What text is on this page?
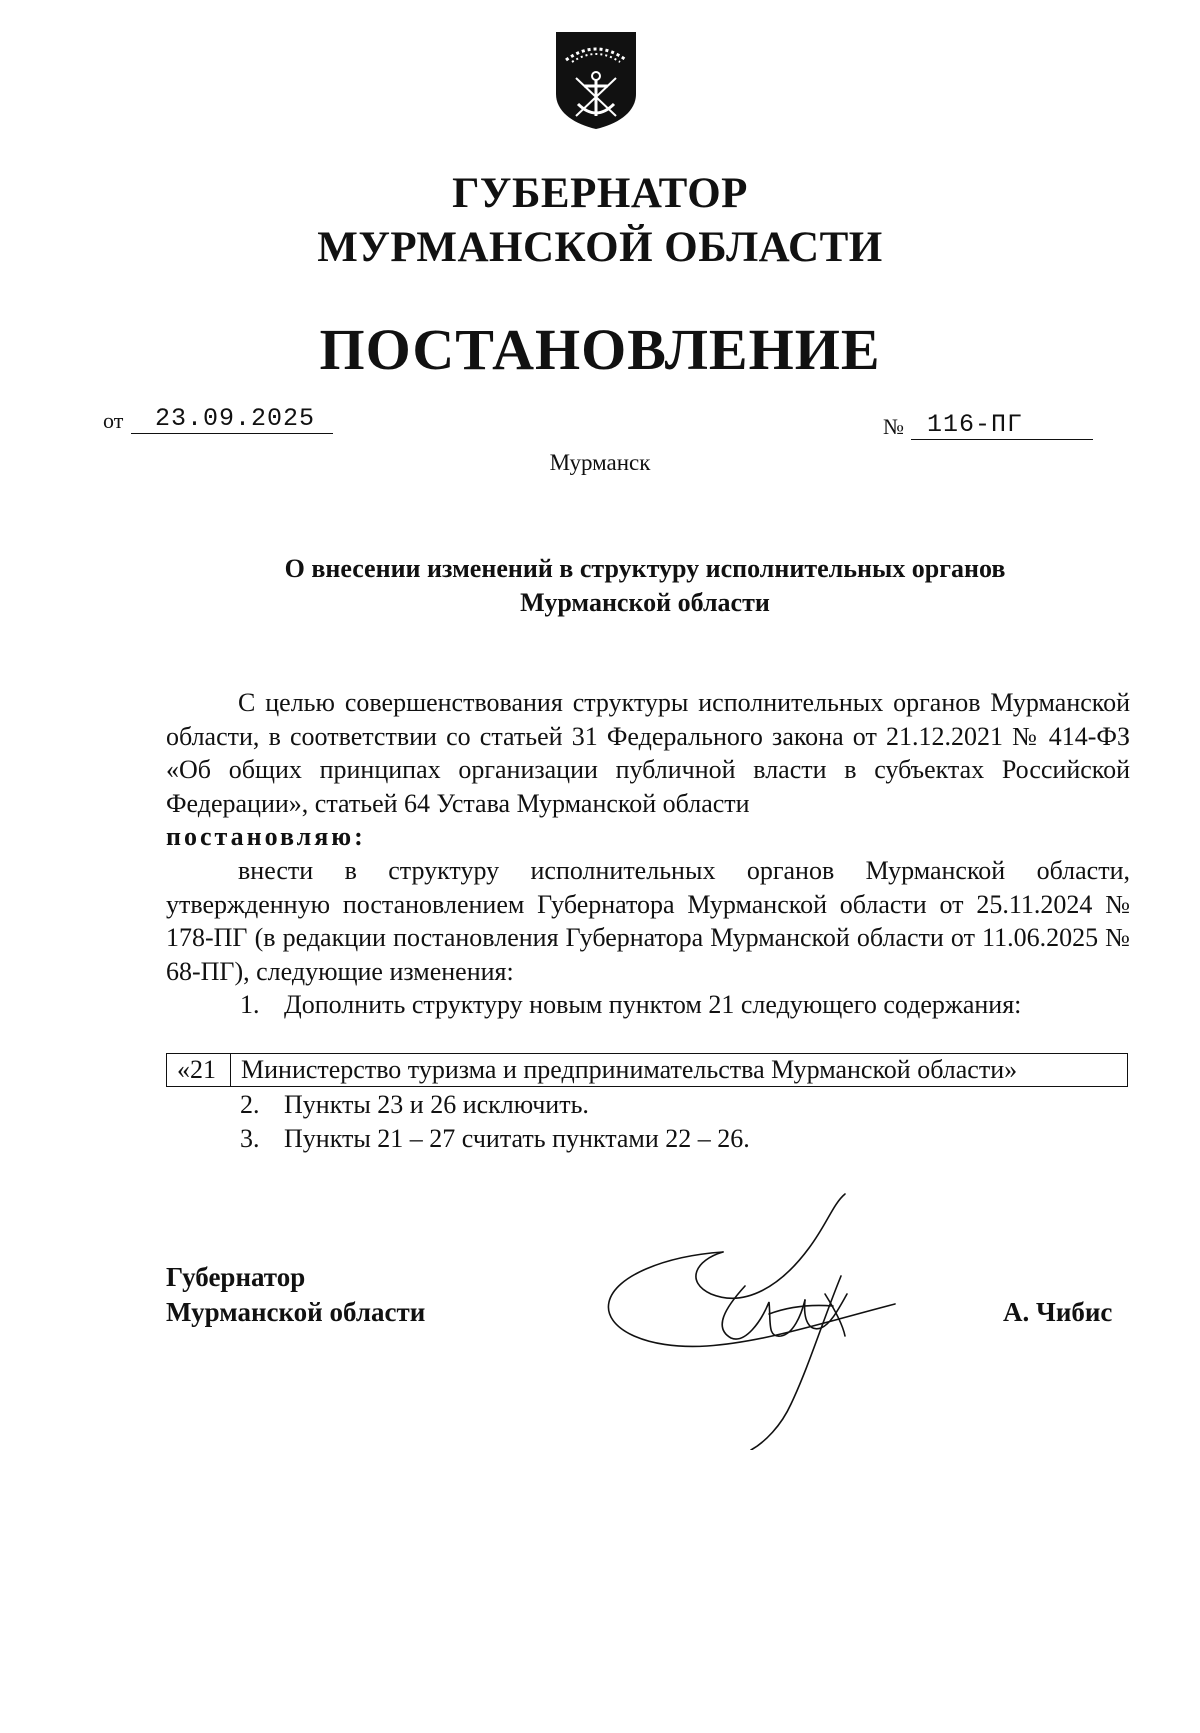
ГУБЕРНАТОР
МУРМАНСКОЙ ОБЛАСТИ
ПОСТАНОВЛЕНИЕ
от 23.09.2025	№ 116-ПГ
Мурманск
О внесении изменений в структуру исполнительных органов
Мурманской области

С целью совершенствования структуры исполнительных органов Мурманской области, в соответствии со статьей 31 Федерального закона от 21.12.2021 № 414-ФЗ «Об общих принципах организации публичной власти в субъектах Российской Федерации», статьей 64 Устава Мурманской области

постановляю:

внести в структуру исполнительных органов Мурманской области, утвержденную постановлением Губернатора Мурманской области от 25.11.2024 № 178-ПГ (в редакции постановления Губернатора Мурманской области от 11.06.2025 № 68-ПГ), следующие изменения:

1. Дополнить структуру новым пунктом 21 следующего содержания:
«21 Министерство туризма и предпринимательства Мурманской области»
2. Пункты 23 и 26 исключить.
3. Пункты 21 – 27 считать пунктами 22 – 26.
Губернатор
Мурманской области	А. Чибис
